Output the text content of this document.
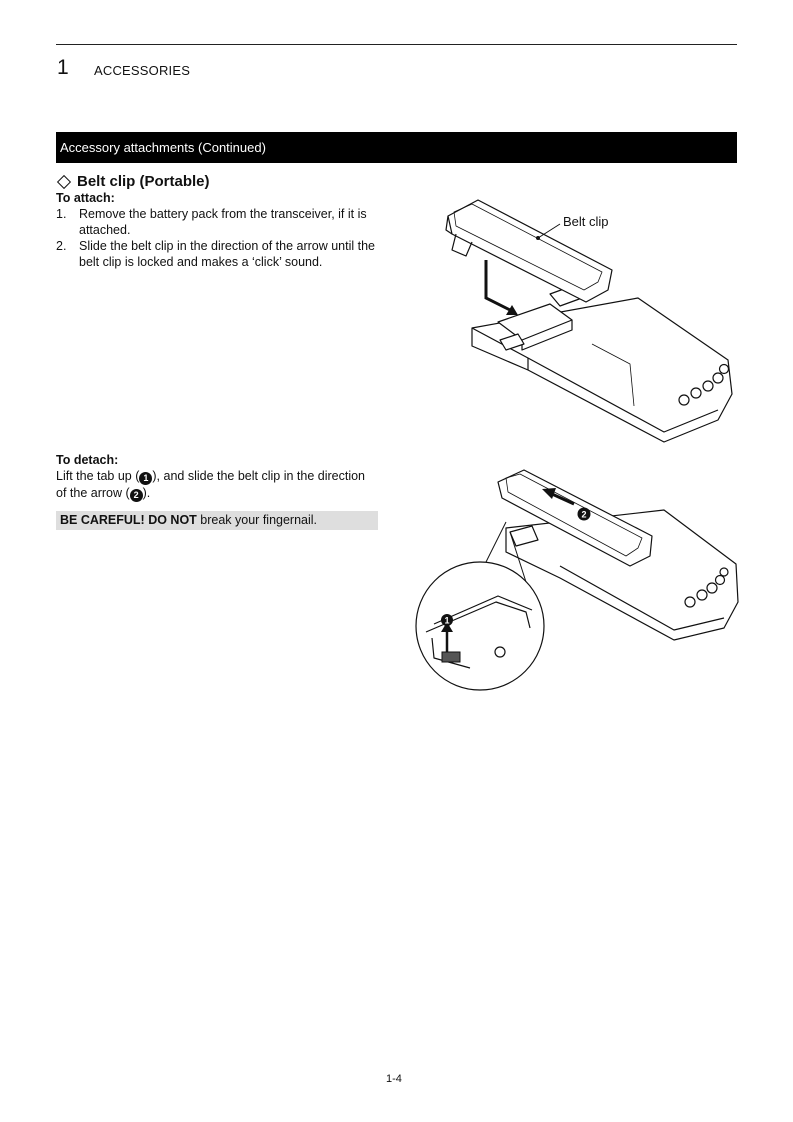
1 ACCESSORIES
Accessory attachments (Continued)
Belt clip (Portable)
To attach:
1.	Remove the battery pack from the transceiver, if it is attached.
2.	Slide the belt clip in the direction of the arrow until the belt clip is locked and makes a ‘click’ sound.
To detach:
Lift the tab up ( 1 ), and slide the belt clip in the direction of the arrow ( 2 ).
BE CAREFUL! DO NOT break your fingernail.
Belt clip
1
2
1-4
